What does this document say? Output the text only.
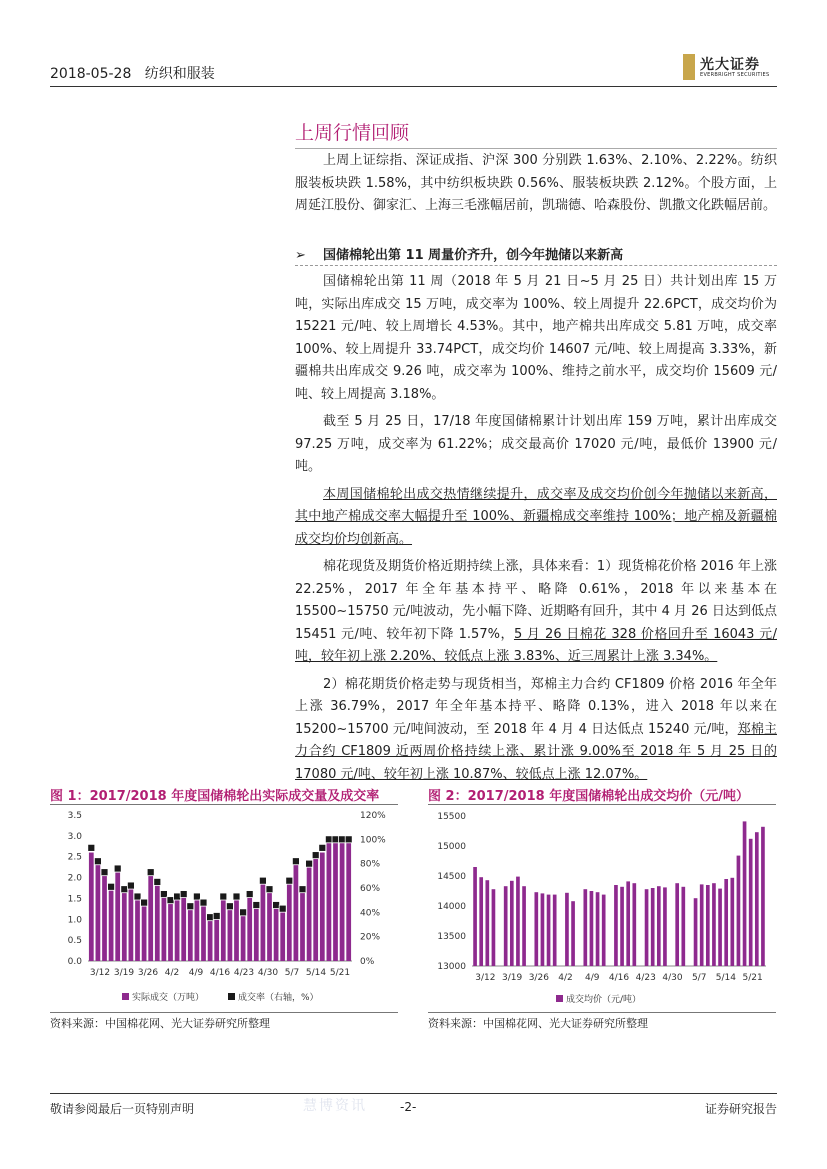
2018-05-28 纺织和服装
光大证券
EVERBRIGHT SECURITIES
上周行情回顾

上周上证综指、深证成指、沪深 300 分别跌 1.63%、2.10%、2.22%。纺织服装板块跌 1.58%，其中纺织板块跌 0.56%、服装板块跌 2.12%。个股方面，上周延江股份、御家汇、上海三毛涨幅居前，凯瑞德、哈森股份、凯撒文化跌幅居前。

➢ 国储棉轮出第 11 周量价齐升，创今年抛储以来新高

国储棉轮出第 11 周（2018 年 5 月 21 日~5 月 25 日）共计划出库 15 万吨，实际出库成交 15 万吨，成交率为 100%、较上周提升 22.6PCT，成交均价为 15221 元/吨、较上周增长 4.53%。其中，地产棉共出库成交 5.81 万吨，成交率 100%、较上周提升 33.74PCT，成交均价 14607 元/吨、较上周提高 3.33%，新疆棉共出库成交 9.26 吨，成交率为 100%、维持之前水平，成交均价 15609 元/吨、较上周提高 3.18%。

截至 5 月 25 日，17/18 年度国储棉累计计划出库 159 万吨，累计出库成交 97.25 万吨，成交率为 61.22%；成交最高价 17020 元/吨，最低价 13900 元/吨。

本周国储棉轮出成交热情继续提升，成交率及成交均价创今年抛储以来新高，其中地产棉成交率大幅提升至 100%、新疆棉成交率维持 100%；地产棉及新疆棉成交均价均创新高。

棉花现货及期货价格近期持续上涨，具体来看：1）现货棉花价格 2016 年上涨 22.25%，2017 年全年基本持平、略降 0.61%，2018 年以来基本在 15500~15750 元/吨波动，先小幅下降、近期略有回升，其中 4 月 26 日达到低点 15451 元/吨、较年初下降 1.57%，5 月 26 日棉花 328 价格回升至 16043 元/吨，较年初上涨 2.20%、较低点上涨 3.83%、近三周累计上涨 3.34%。

2）棉花期货价格走势与现货相当，郑棉主力合约 CF1809 价格 2016 年全年上涨 36.79%，2017 年全年基本持平、略降 0.13%，进入 2018 年以来在 15200~15700 元/吨间波动，至 2018 年 4 月 4 日达低点 15240 元/吨，郑棉主力合约 CF1809 近两周价格持续上涨、累计涨 9.00%至 2018 年 5 月 25 日的 17080 元/吨、较年初上涨 10.87%、较低点上涨 12.07%。

图 1：2017/2018 年度国储棉轮出实际成交量及成交率
0.0
0.5
1.0
1.5
2.0
2.5
3.0
3.5
0%
20%
40%
60%
80%
100%
120%
3/12 3/19 3/26 4/2 4/9 4/16 4/23 4/30 5/7 5/14 5/21
实际成交（万吨）	成交率（右轴，%）
资料来源：中国棉花网、光大证券研究所整理
图 2：2017/2018 年度国储棉轮出成交均价（元/吨）
13000
13500
14000
14500
15000
15500
3/12 3/19 3/26 4/2 4/9 4/16 4/23 4/30 5/7 5/14 5/21
成交均价（元/吨）
资料来源：中国棉花网、光大证券研究所整理
敬请参阅最后一页特别声明	慧博资讯	-2-	证券研究报告
